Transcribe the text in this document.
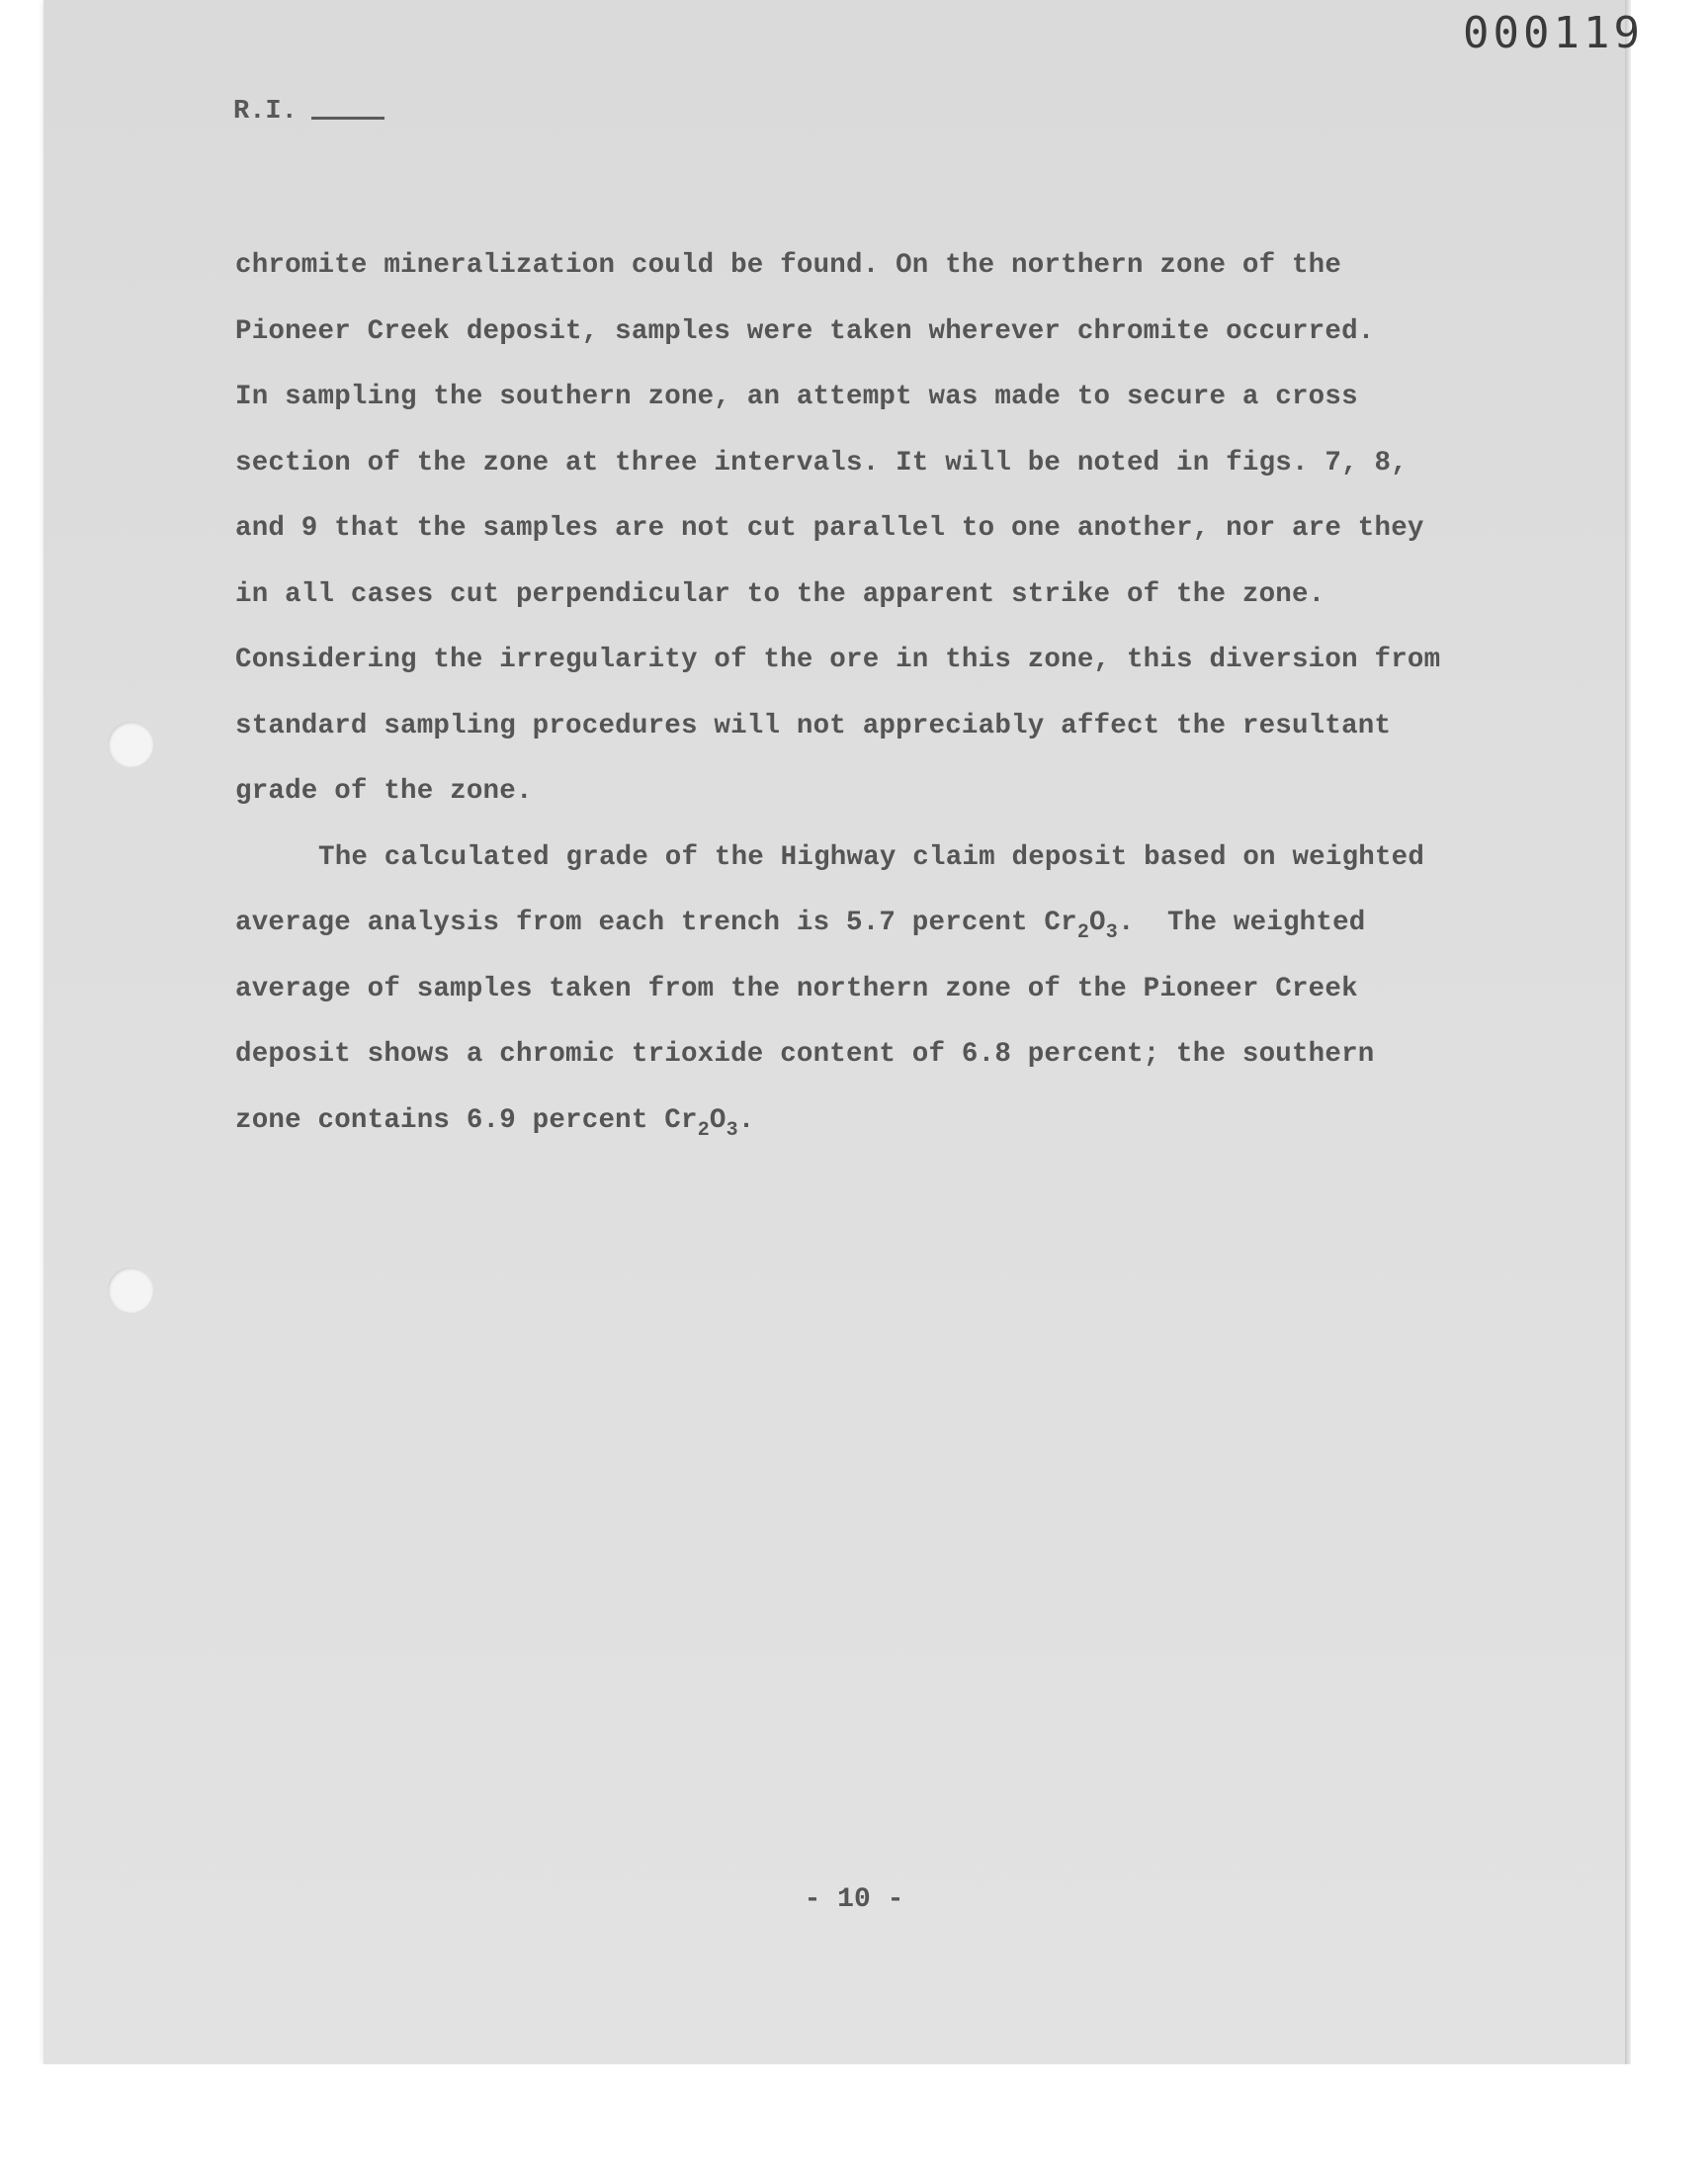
000119
R.I.

chromite mineralization could be found. On the northern zone of the
Pioneer Creek deposit, samples were taken wherever chromite occurred.
In sampling the southern zone, an attempt was made to secure a cross
section of the zone at three intervals. It will be noted in figs. 7, 8,
and 9 that the samples are not cut parallel to one another, nor are they
in all cases cut perpendicular to the apparent strike of the zone.
Considering the irregularity of the ore in this zone, this diversion from
standard sampling procedures will not appreciably affect the resultant
grade of the zone.

The calculated grade of the Highway claim deposit based on weighted
average analysis from each trench is 5.7 percent $Cr_2O_3$.  The weighted
average of samples taken from the northern zone of the Pioneer Creek
deposit shows a chromic trioxide content of 6.8 percent; the southern
zone contains 6.9 percent $Cr_2O_3$.

- 10 -
